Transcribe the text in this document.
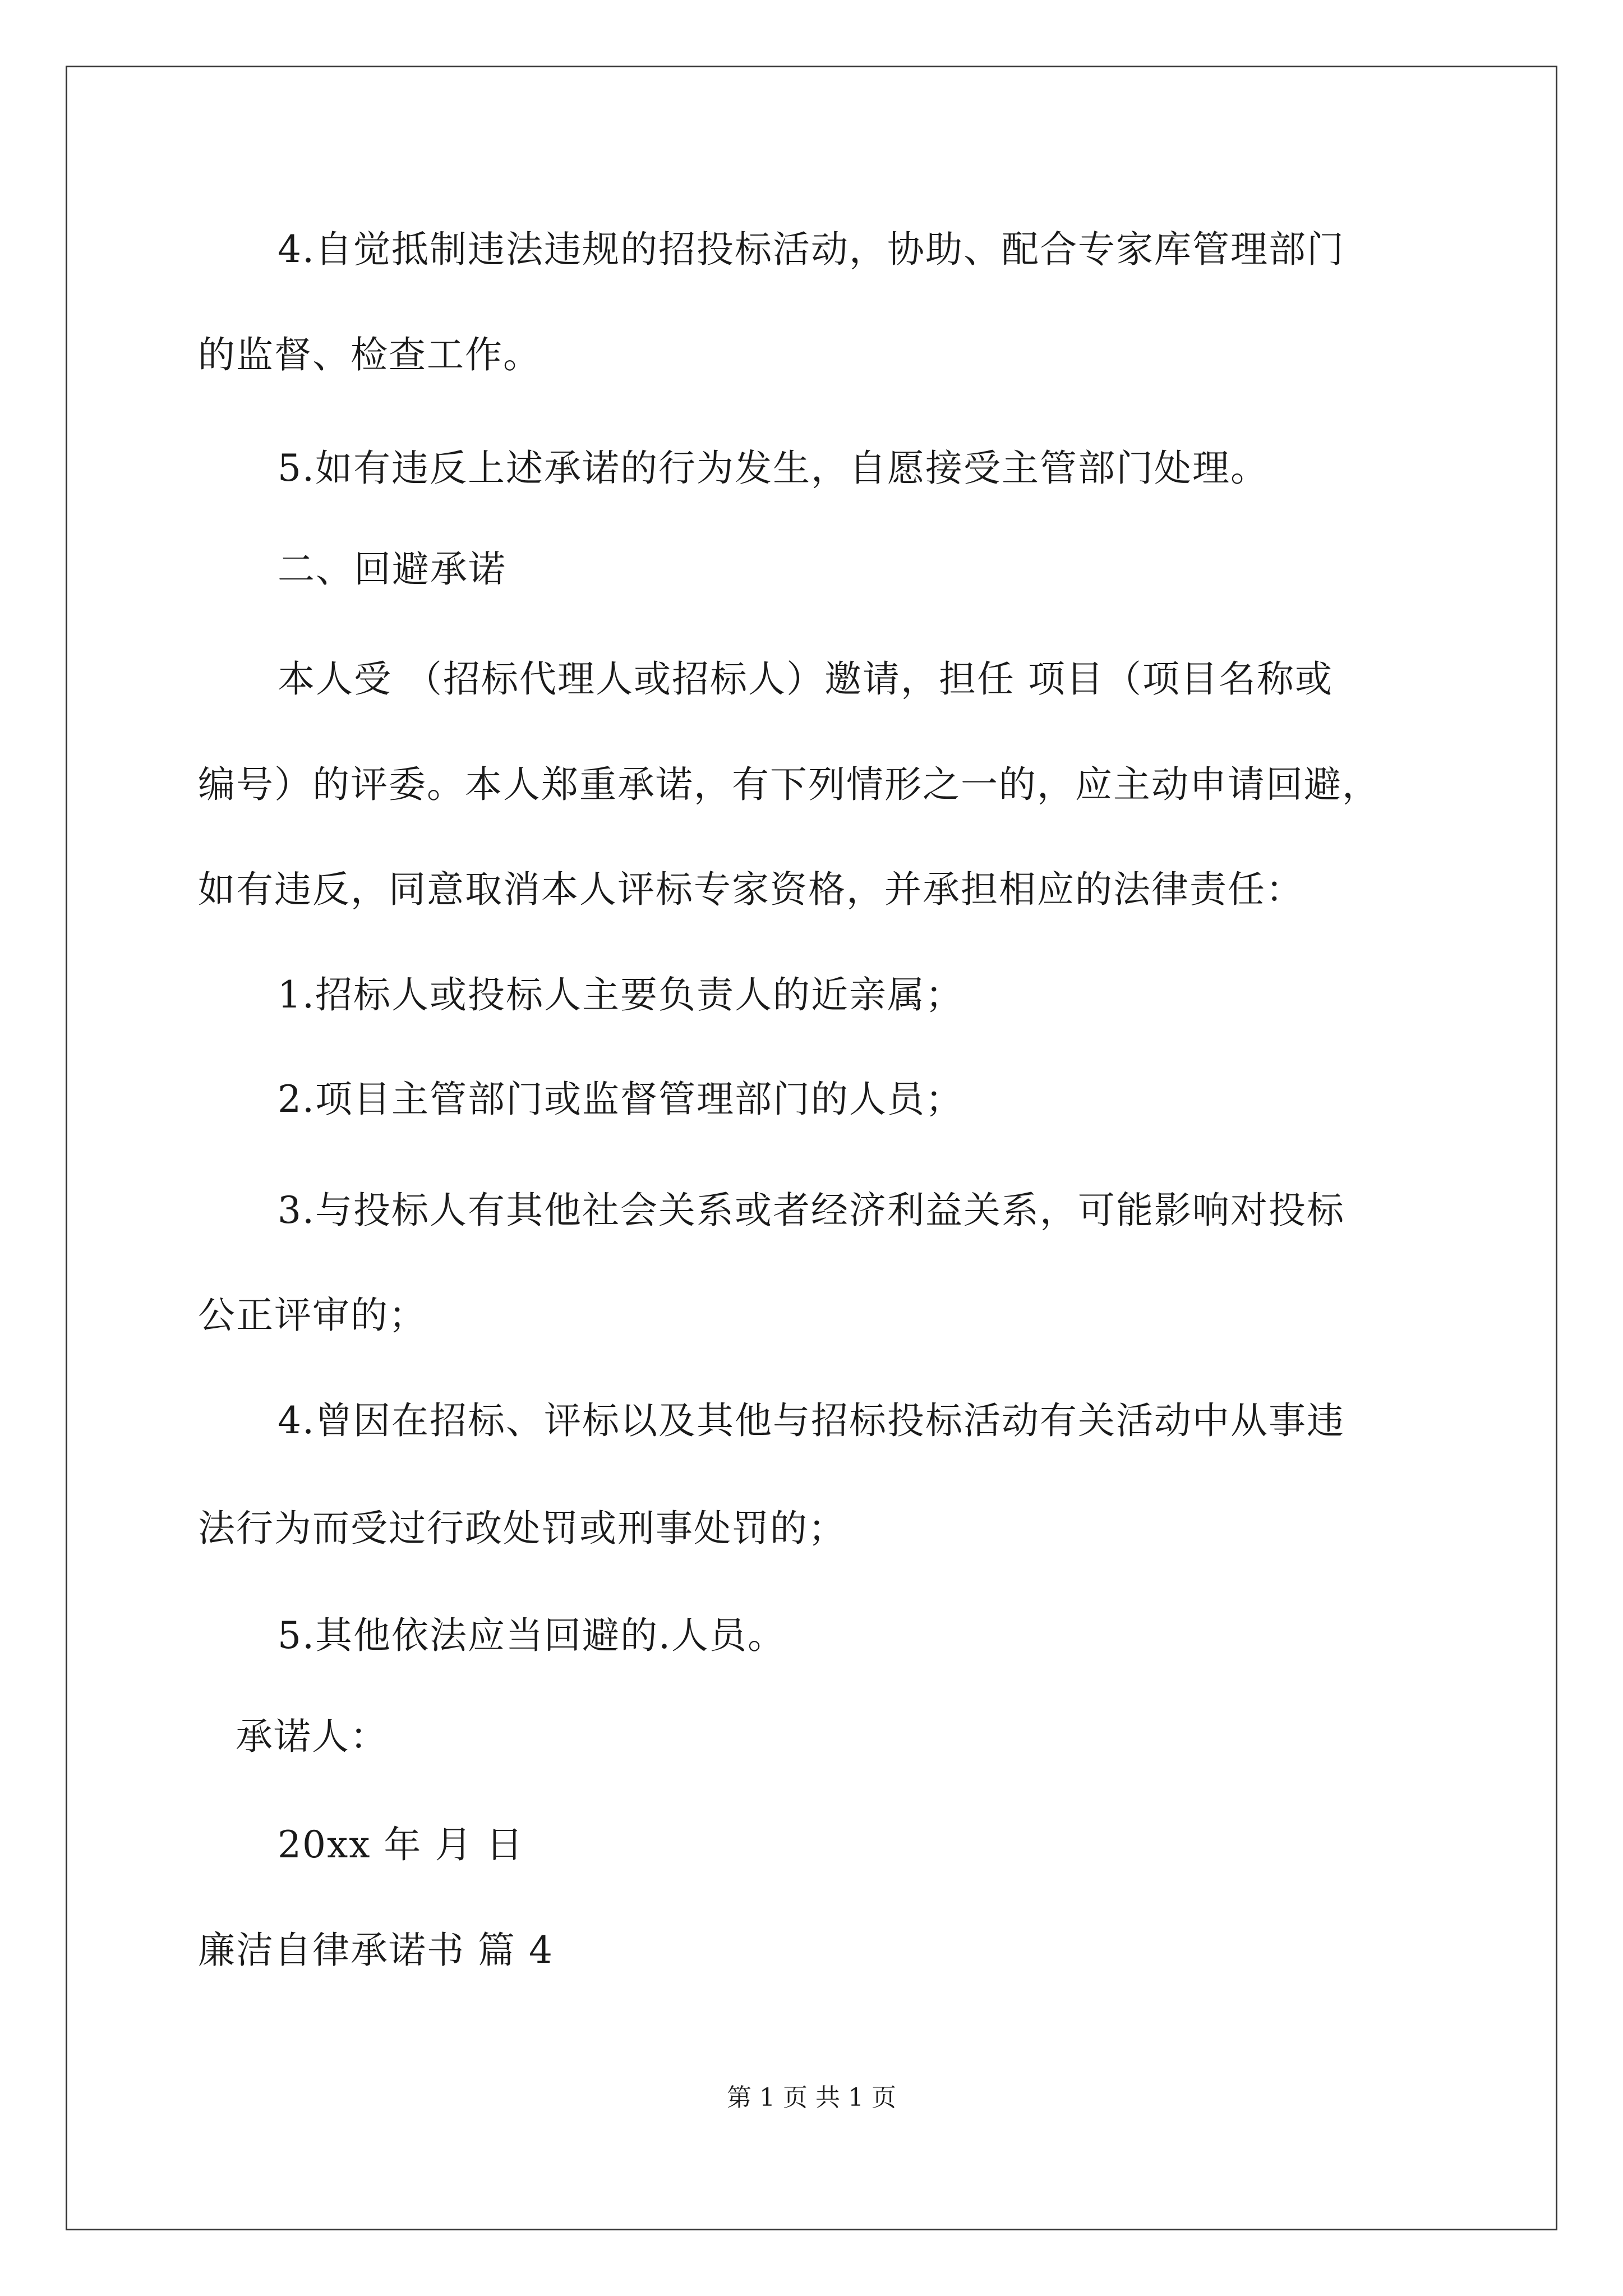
4.自觉抵制违法违规的招投标活动，协助、配合专家库管理部门
的监督、检查工作。
5.如有违反上述承诺的行为发生，自愿接受主管部门处理。
二、回避承诺
本人受 （招标代理人或招标人）邀请，担任 项目（项目名称或
编号）的评委。本人郑重承诺，有下列情形之一的，应主动申请回避，
如有违反，同意取消本人评标专家资格，并承担相应的法律责任：
1.招标人或投标人主要负责人的近亲属；
2.项目主管部门或监督管理部门的人员；
3.与投标人有其他社会关系或者经济利益关系，可能影响对投标
公正评审的；
4.曾因在招标、评标以及其他与招标投标活动有关活动中从事违
法行为而受过行政处罚或刑事处罚的；
5.其他依法应当回避的.人员。
承诺人：
20xx 年 月 日
廉洁自律承诺书 篇 4
第 1 页 共 1 页
